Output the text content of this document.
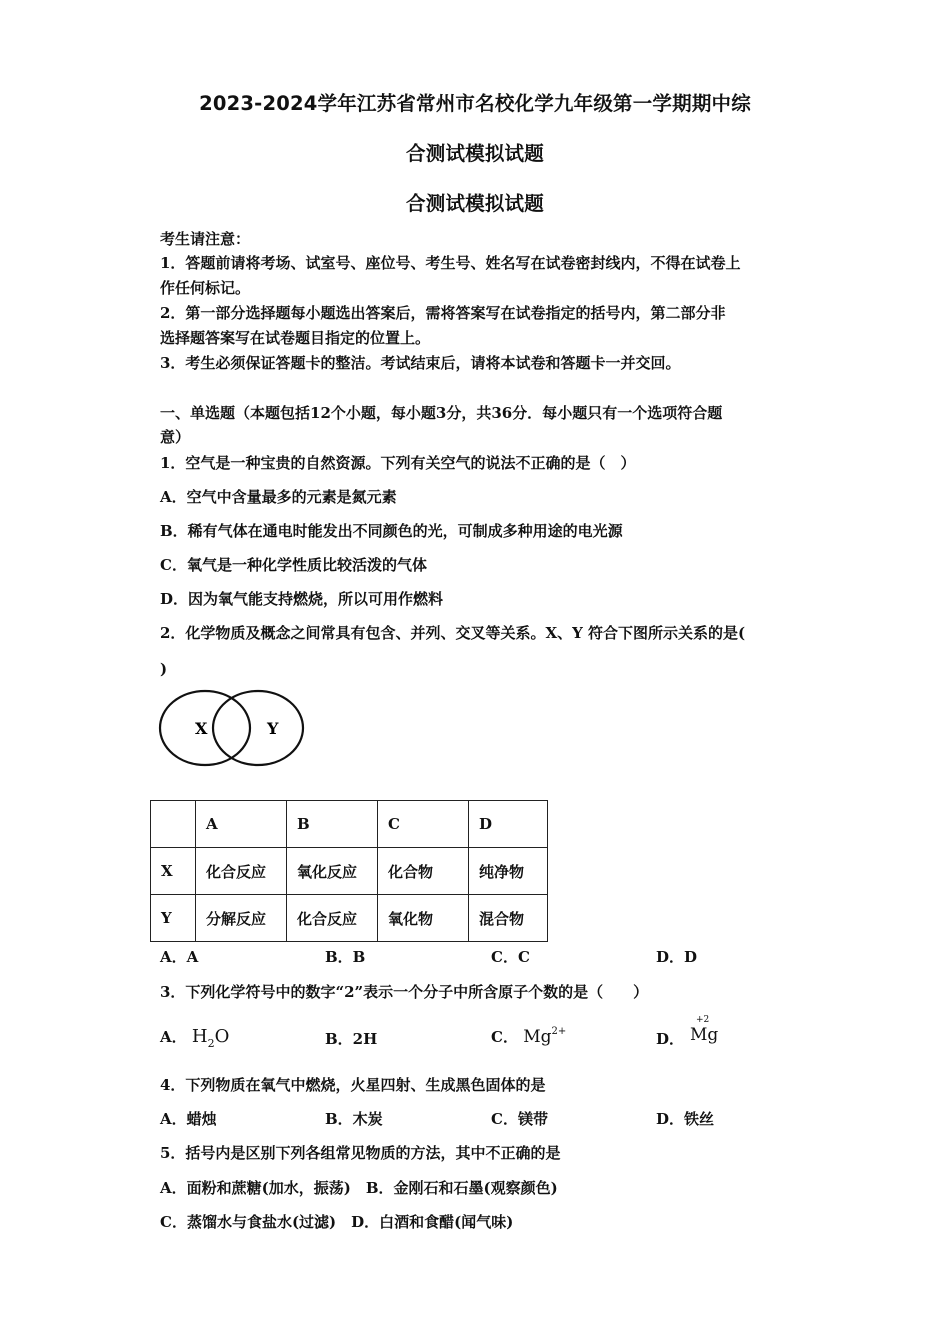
2023-2024学年江苏省常州市名校化学九年级第一学期期中综
合测试模拟试题
合测试模拟试题
考生请注意：
1．答题前请将考场、试室号、座位号、考生号、姓名写在试卷密封线内，不得在试卷上
作任何标记。
2．第一部分选择题每小题选出答案后，需将答案写在试卷指定的括号内，第二部分非
选择题答案写在试卷题目指定的位置上。
3．考生必须保证答题卡的整洁。考试结束后，请将本试卷和答题卡一并交回。
一、单选题（本题包括12个小题，每小题3分，共36分．每小题只有一个选项符合题
意）
1．空气是一种宝贵的自然资源。下列有关空气的说法不正确的是（　）
A．空气中含量最多的元素是氮元素
B．稀有气体在通电时能发出不同颜色的光，可制成多种用途的电光源
C．氧气是一种化学性质比较活泼的气体
D．因为氧气能支持燃烧，所以可用作燃料
2．化学物质及概念之间常具有包含、并列、交叉等关系。X、Y 符合下图所示关系的是(
)
X	Y
	A	B	C	D
X	化合反应	氧化反应	化合物	纯净物
Y	分解反应	化合反应	氧化物	混合物
A．A	B．B	C．C	D．D
3．下列化学符号中的数字“2”表示一个分子中所含原子个数的是（　　）
A． $H_2O$	B．2H	C． $Mg^{2+}$	D．
+2
Mg
4．下列物质在氧气中燃烧，火星四射、生成黑色固体的是
A．蜡烛	B．木炭	C．镁带	D．铁丝
5．括号内是区别下列各组常见物质的方法，其中不正确的是
A．面粉和蔗糖(加水，振荡)　B．金刚石和石墨(观察颜色)
C．蒸馏水与食盐水(过滤)　D．白酒和食醋(闻气味)
